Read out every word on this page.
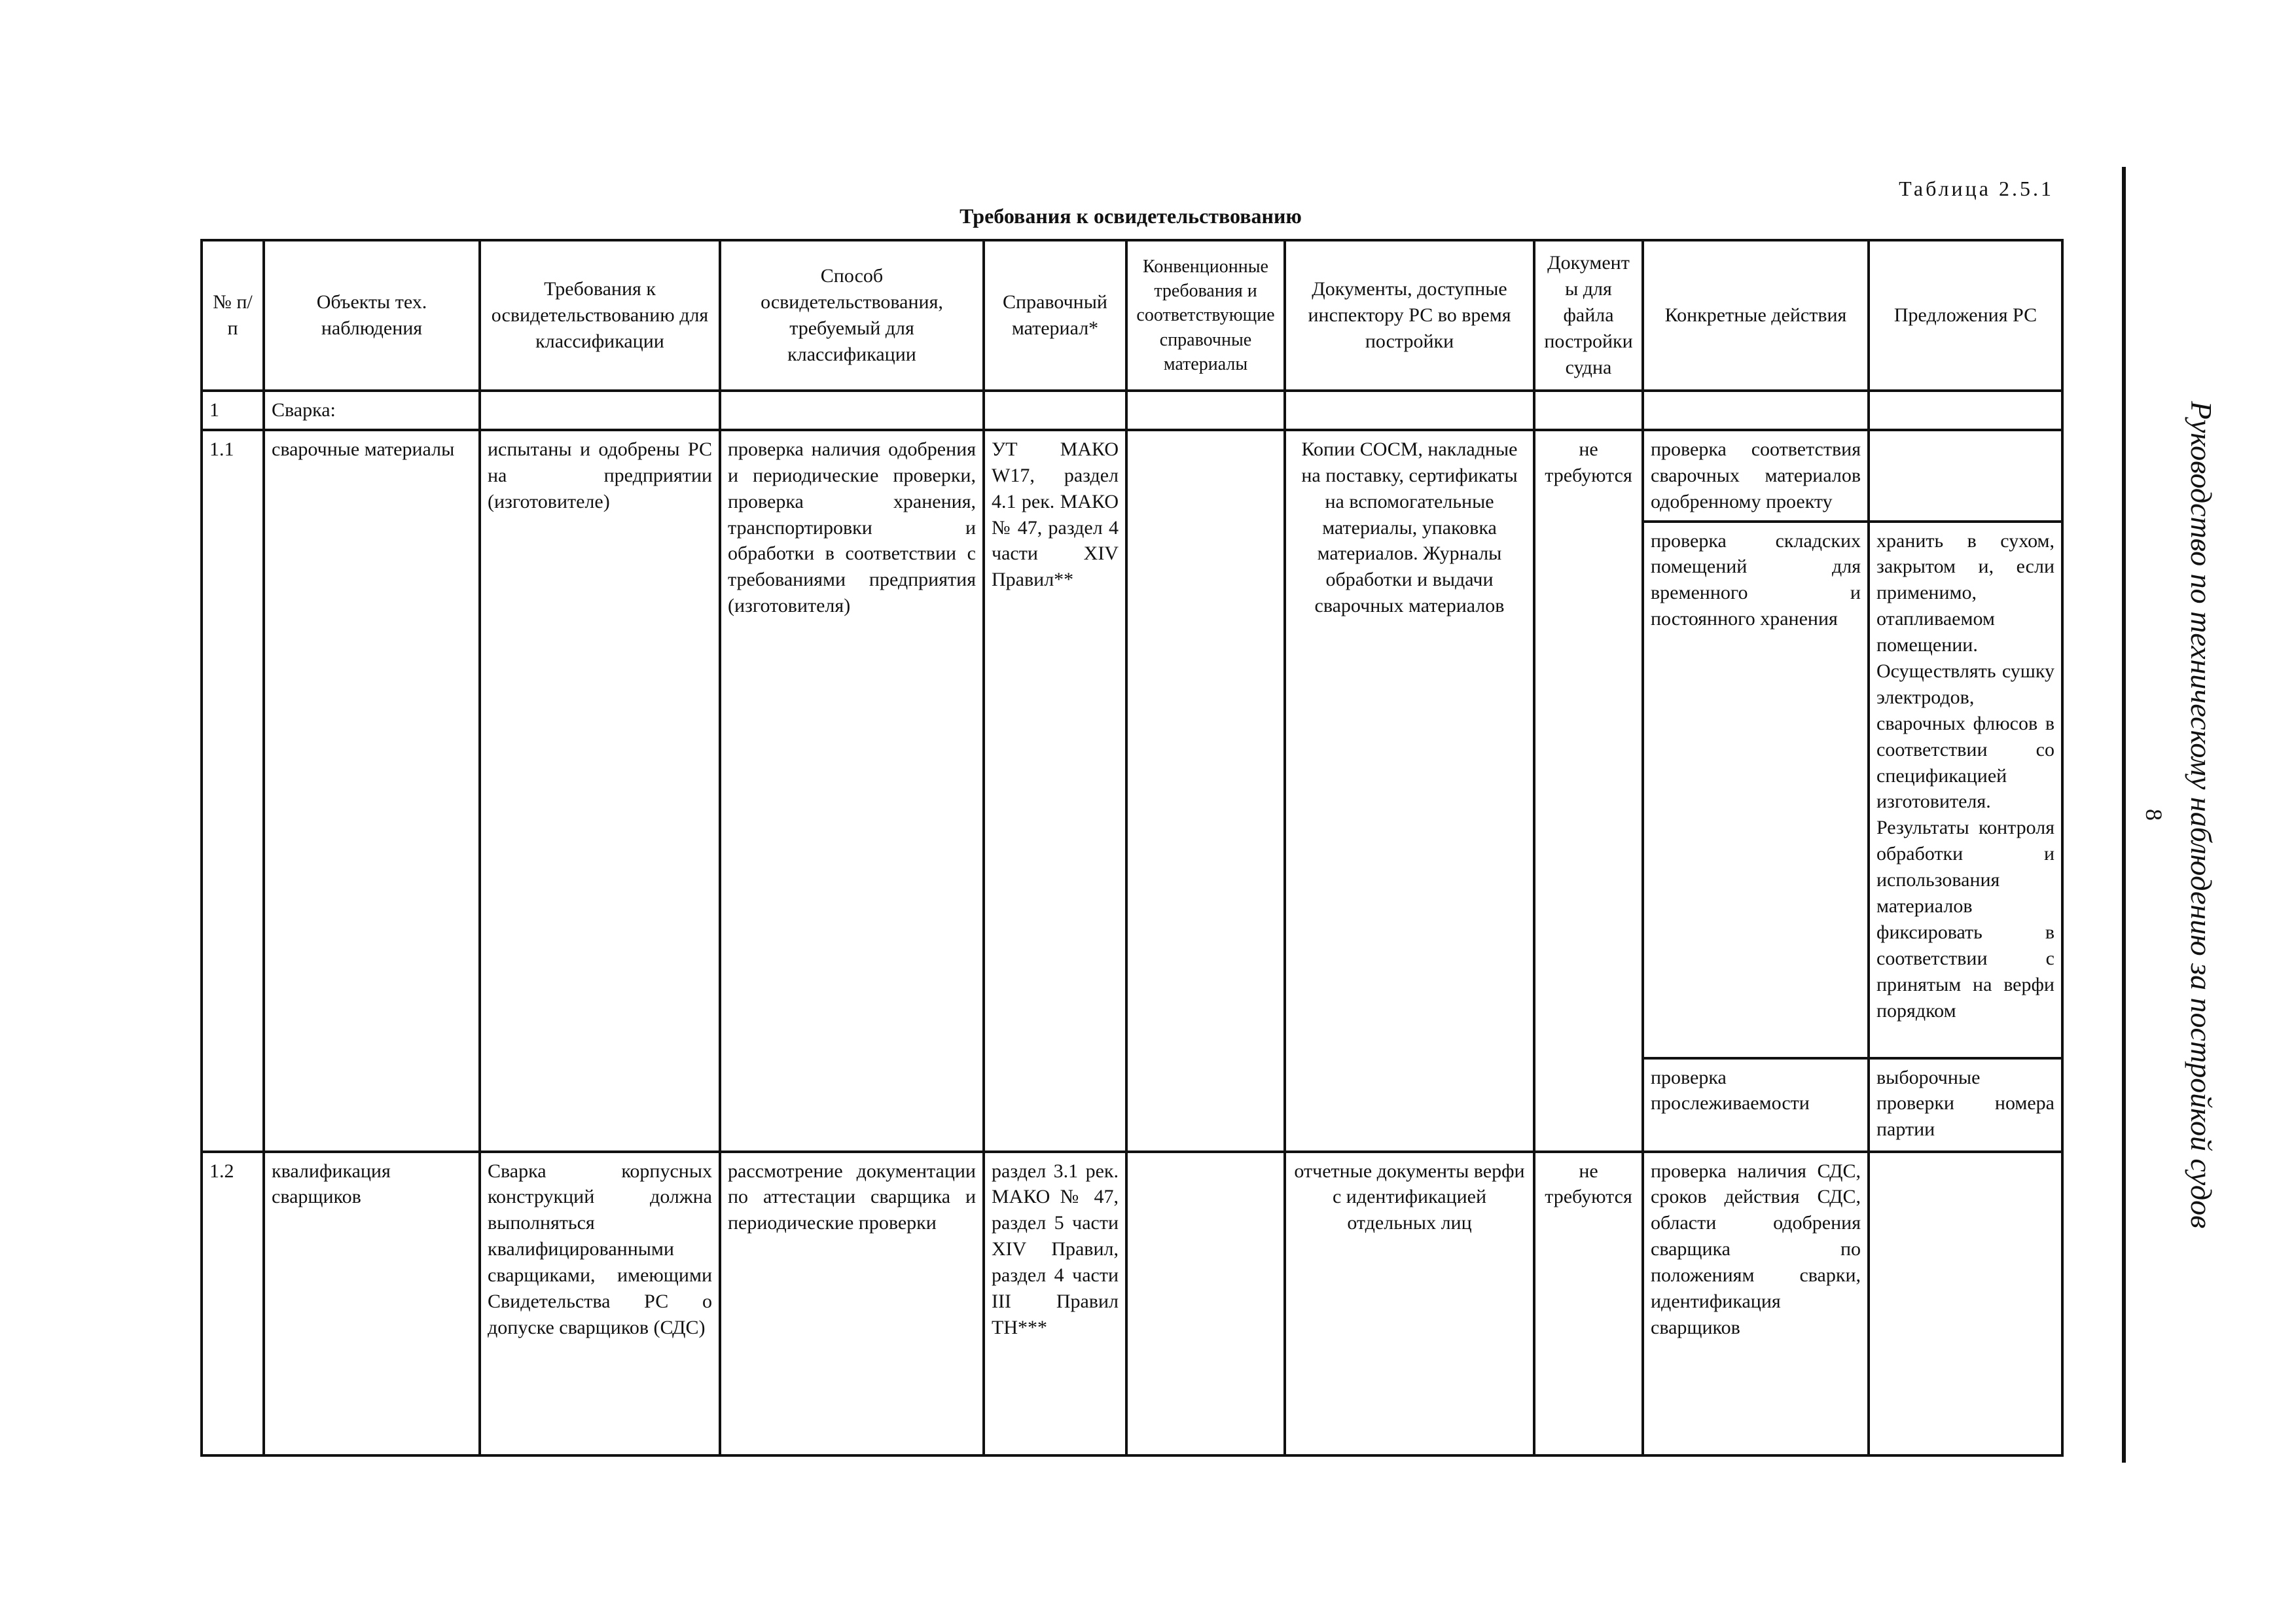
Таблица 2.5.1
Требования к освидетельствованию
№ п/п	Объекты тех. наблюдения	Требования к освидетельствованию для классификации	Способ освидетельствования, требуемый для классификации	Справочный материал*	Конвенционные требования и соответствующие справочные материалы	Документы, доступные инспектору РС во время постройки	Документы для файла постройки судна	Конкретные действия	Предложения РС
1	Сварка:								
1.1	сварочные материалы	испытаны и одобрены РС на предприятии (изготовителе)	проверка наличия одобрения и периодические проверки, проверка хранения, транспортировки и обработки в соответствии с требованиями предприятия (изготовителя)	УТ МАКО W17, раздел 4.1 рек. МАКО № 47, раздел 4 части XIV Правил**		Копии СОСМ, накладные на поставку, сертификаты на вспомогательные материалы, упаковка материалов. Журналы обработки и выдачи сварочных материалов	не требуются	проверка соответствия сварочных материалов одобренному проекту	
								проверка складских помещений для временного и постоянного хранения	хранить в сухом, закрытом и, если применимо, отапливаемом помещении. Осуществлять сушку электродов, сварочных флюсов в соответствии со спецификацией изготовителя. Результаты контроля обработки и использования материалов фиксировать в соответствии с принятым на верфи порядком
								проверка прослеживаемости	выборочные проверки номера партии
1.2	квалификация сварщиков	Сварка корпусных конструкций должна выполняться квалифицированными сварщиками, имеющими Свидетельства РС о допуске сварщиков (СДС)	рассмотрение документации по аттестации сварщика и периодические проверки	раздел 3.1 рек. МАКО № 47, раздел 5 части XIV Правил, раздел 4 части III Правил ТН***		отчетные документы верфи с идентификацией отдельных лиц	не требуются	проверка наличия СДС, сроков действия СДС, области одобрения сварщика по положениям сварки, идентификация сварщиков	
Руководство по техническому наблюдению за постройкой судов
8
